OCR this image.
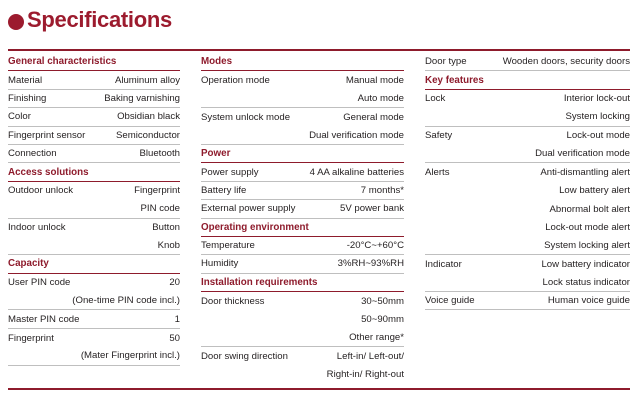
Specifications
General characteristics
Material	Aluminum alloy
Finishing	Baking varnishing
Color	Obsidian black
Fingerprint sensor	Semiconductor
Connection	Bluetooth
Access solutions
Outdoor unlock	Fingerprint
PIN code
Indoor unlock	Button
Knob
Capacity
User PIN code	20
(One-time PIN code incl.)
Master PIN code	1
Fingerprint	50
(Mater Fingerprint incl.)
Modes
Operation mode	Manual mode
Auto mode
System unlock mode	General mode
Dual verification mode
Power
Power supply	4 AA alkaline batteries
Battery life	7 months*
External power supply	5V power bank
Operating environment
Temperature	-20°C~+60°C
Humidity	3%RH~93%RH
Installation requirements
Door thickness	30~50mm
50~90mm
Other range*
Door swing direction	Left-in/ Left-out/
Right-in/ Right-out
Door type	Wooden doors, security doors
Key features
Lock	Interior lock-out
System locking
Safety	Lock-out mode
Dual verification mode
Alerts	Anti-dismantling alert
Low battery alert
Abnormal bolt alert
Lock-out mode alert
System locking alert
Indicator	Low battery indicator
Lock status indicator
Voice guide	Human voice guide
